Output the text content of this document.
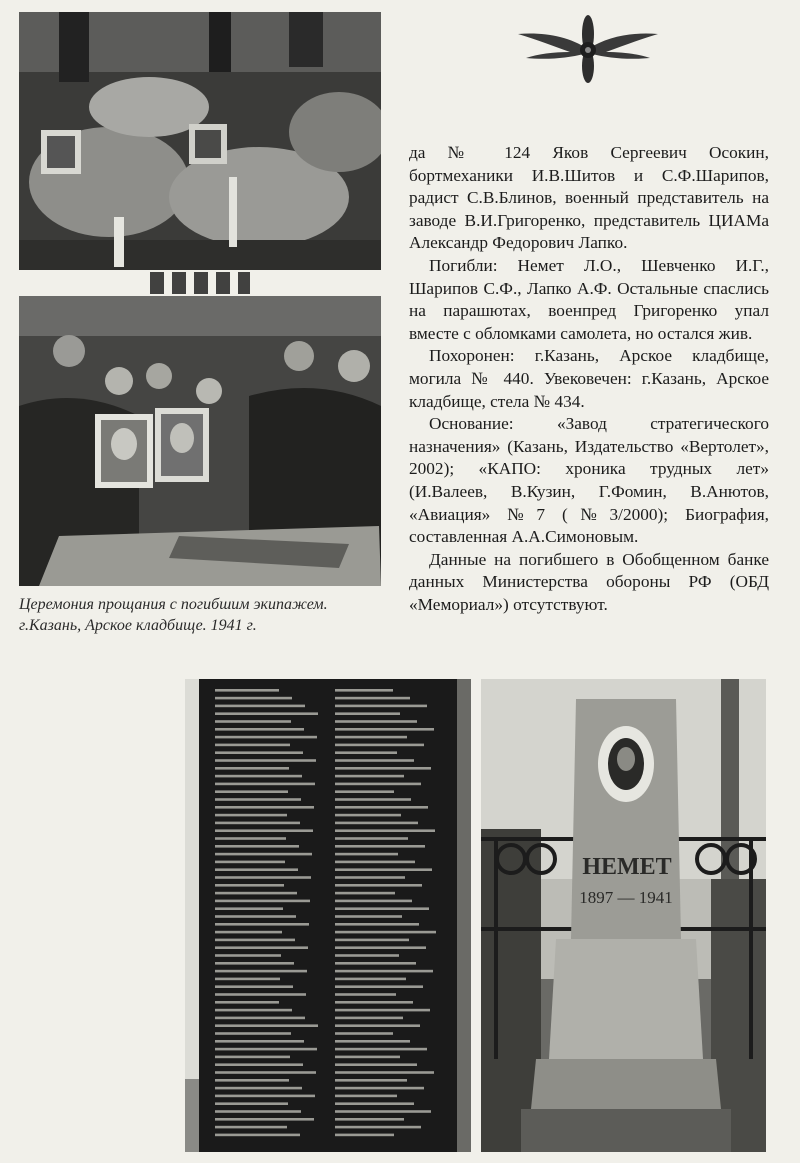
Церемония прощания с погибшим экипажем.
г.Казань, Арское кладбище. 1941 г.

да № 124 Яков Сергеевич Осокин, бортмеханики И.В.Шитов и С.Ф.Шарипов, радист С.В.Блинов, военный представитель на заводе В.И.Григоренко, представитель ЦИАМа Александр Федорович Лапко.

Погибли: Немет Л.О., Шевченко И.Г., Шарипов С.Ф., Лапко А.Ф. Остальные спаслись на парашютах, военпред Григоренко упал вместе с обломками самолета, но остался жив.

Похоронен: г.Казань, Арское кладбище, могила № 440. Увековечен: г.Казань, Арское кладбище, стела № 434.

Основание: «Завод стратегического назначения» (Казань, Издательство «Вертолет», 2002); «КАПО: хроника трудных лет» (И.Валеев, В.Кузин, Г.Фомин, В.Анютов, «Авиация» №7 (№3/2000); Биография, составленная А.А.Симоновым.

Данные на погибшего в Обобщенном банке данных Министерства обороны РФ (ОБД «Мемориал») отсутствуют.

НЕМЕТ
1897 — 1941
